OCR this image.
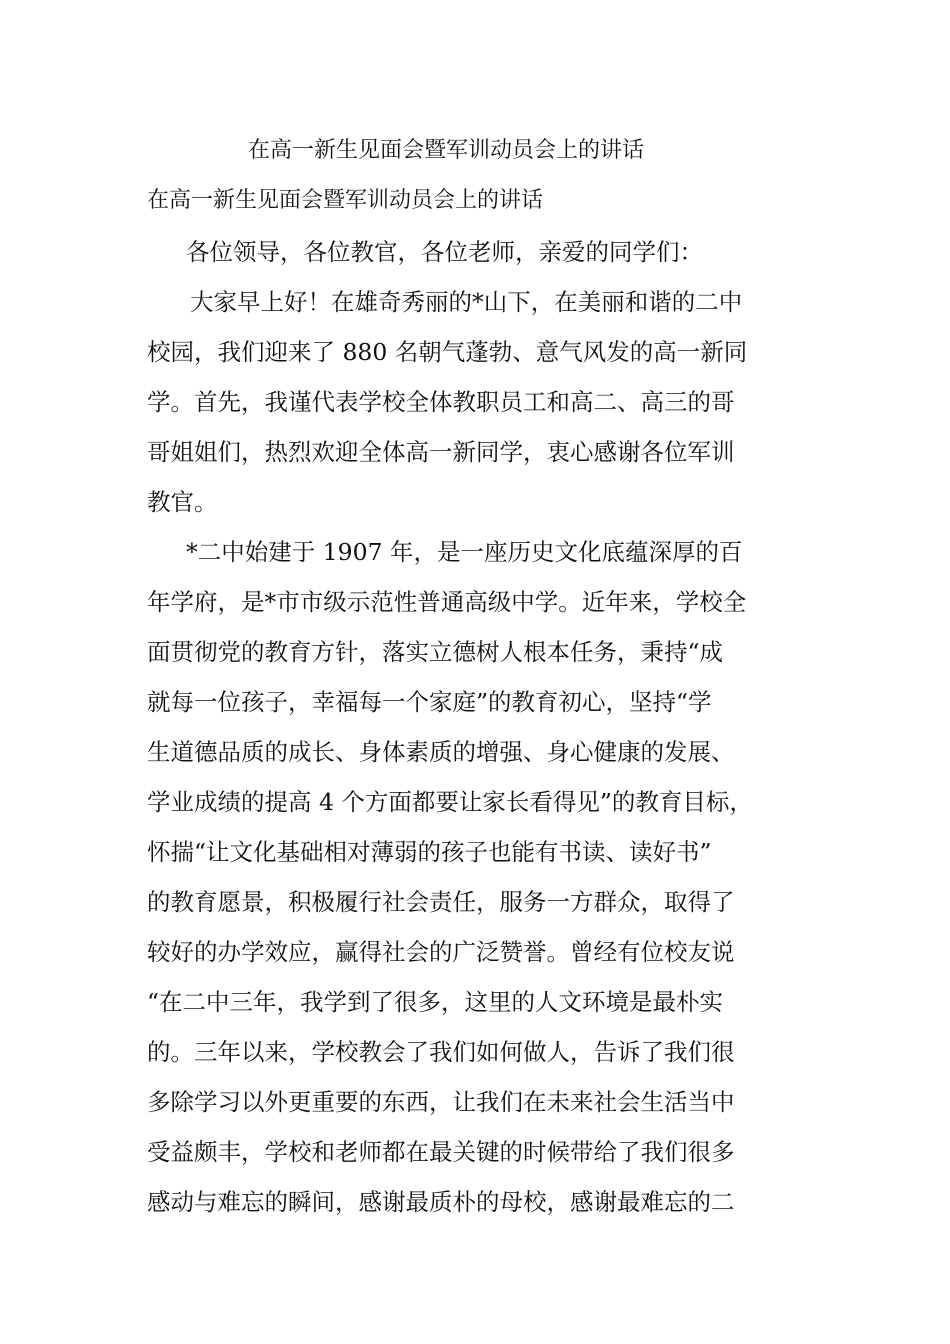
在高一新生见面会暨军训动员会上的讲话
在高一新生见面会暨军训动员会上的讲话
各位领导，各位教官，各位老师，亲爱的同学们：
大家早上好！在雄奇秀丽的*山下，在美丽和谐的二中
校园，我们迎来了 880 名朝气蓬勃、意气风发的高一新同
学。首先，我谨代表学校全体教职员工和高二、高三的哥
哥姐姐们，热烈欢迎全体高一新同学，衷心感谢各位军训
教官。
*二中始建于 1907 年，是一座历史文化底蕴深厚的百
年学府，是*市市级示范性普通高级中学。近年来，学校全
面贯彻党的教育方针，落实立德树人根本任务，秉持“成
就每一位孩子，幸福每一个家庭”的教育初心，坚持“学
生道德品质的成长、身体素质的增强、身心健康的发展、
学业成绩的提高 4 个方面都要让家长看得见”的教育目标，
怀揣“让文化基础相对薄弱的孩子也能有书读、读好书”
的教育愿景，积极履行社会责任，服务一方群众，取得了
较好的办学效应，赢得社会的广泛赞誉。曾经有位校友说
“在二中三年，我学到了很多，这里的人文环境是最朴实
的。三年以来，学校教会了我们如何做人，告诉了我们很
多除学习以外更重要的东西，让我们在未来社会生活当中
受益颇丰，学校和老师都在最关键的时候带给了我们很多
感动与难忘的瞬间，感谢最质朴的母校，感谢最难忘的二
